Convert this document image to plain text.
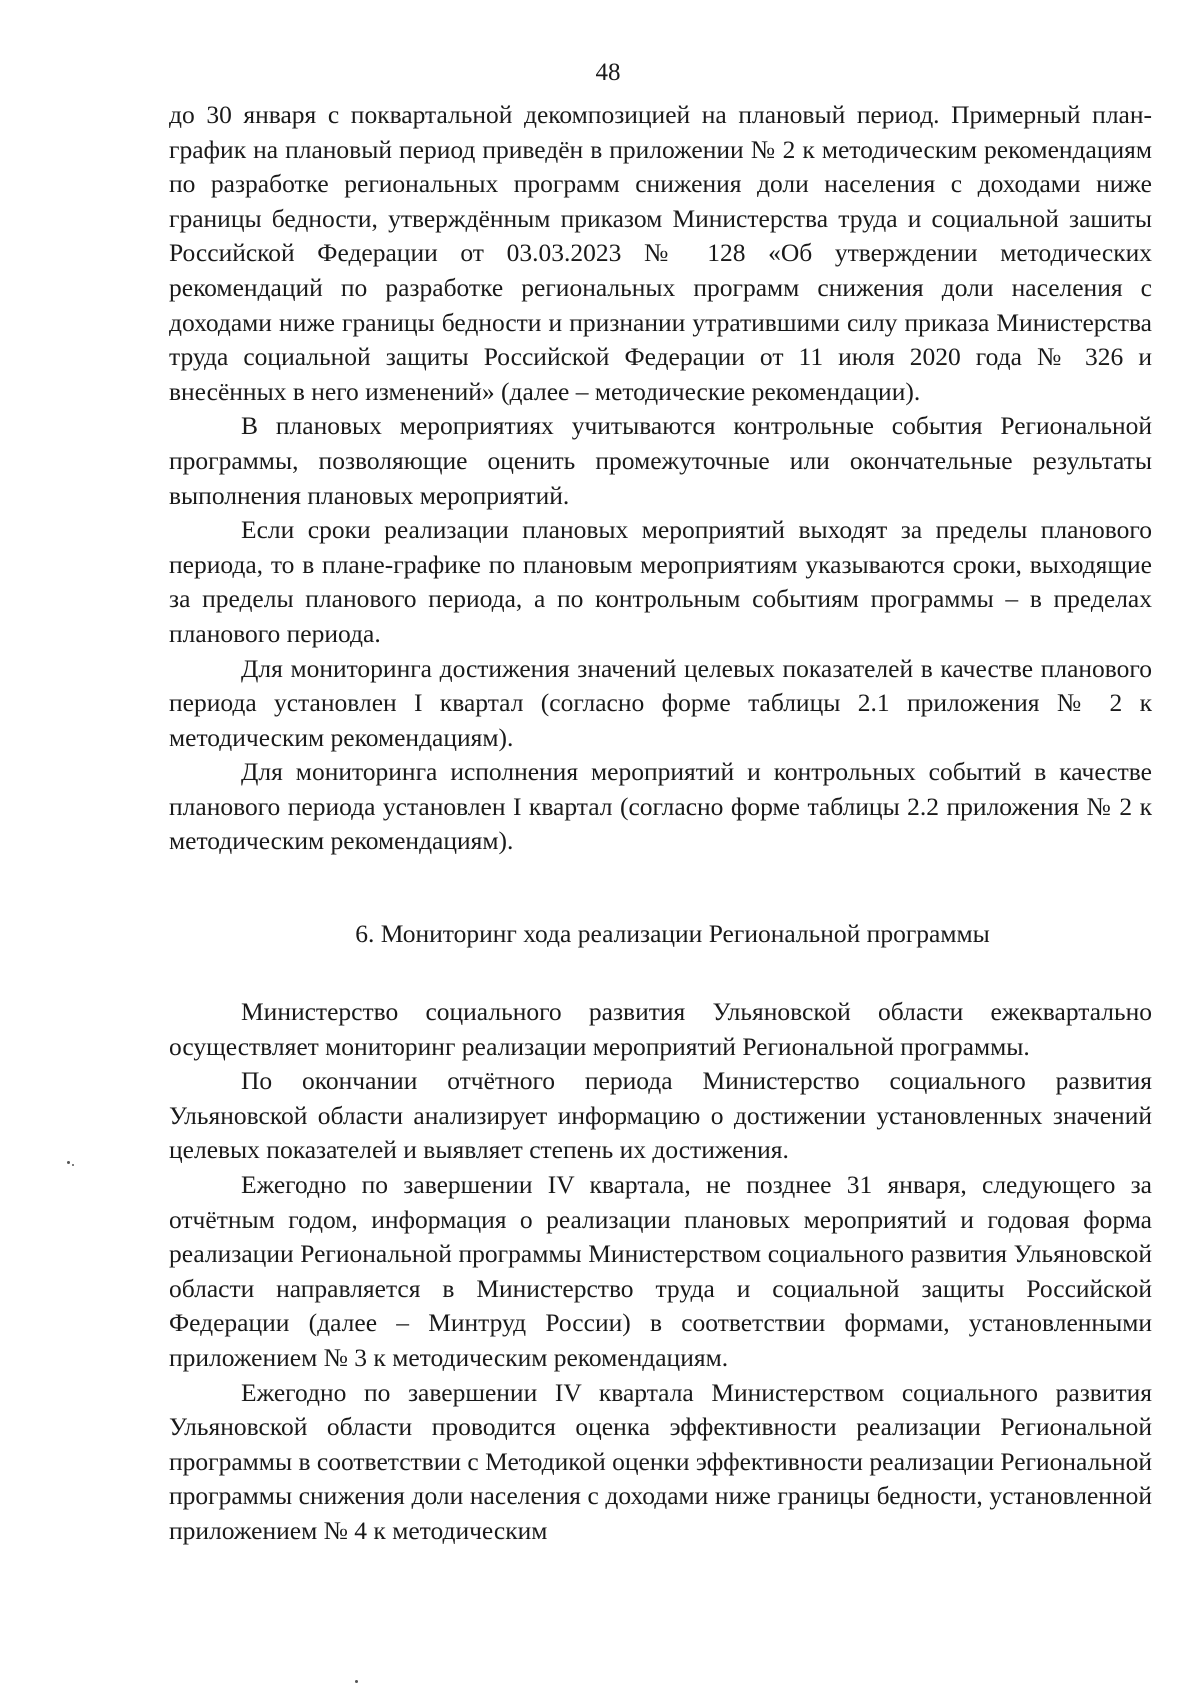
48

до 30 января с поквартальной декомпозицией на плановый период. Примерный план-график на плановый период приведён в приложении № 2 к методическим рекомендациям по разработке региональных программ снижения доли населения с доходами ниже границы бедности, утверждённым приказом Министерства труда и социальной зашиты Российской Федерации от 03.03.2023 № 128 «Об утверждении методических рекомендаций по разработке региональных программ снижения доли населения с доходами ниже границы бедности и признании утратившими силу приказа Министерства труда социальной защиты Российской Федерации от 11 июля 2020 года № 326 и внесённых в него изменений» (далее – методические рекомендации).

В плановых мероприятиях учитываются контрольные события Региональной программы, позволяющие оценить промежуточные или окончательные результаты выполнения плановых мероприятий.

Если сроки реализации плановых мероприятий выходят за пределы планового периода, то в плане-графике по плановым мероприятиям указываются сроки, выходящие за пределы планового периода, а по контрольным событиям программы – в пределах планового периода.

Для мониторинга достижения значений целевых показателей в качестве планового периода установлен I квартал (согласно форме таблицы 2.1 приложения № 2 к методическим рекомендациям).

Для мониторинга исполнения мероприятий и контрольных событий в качестве планового периода установлен I квартал (согласно форме таблицы 2.2 приложения № 2 к методическим рекомендациям).

6. Мониторинг хода реализации Региональной программы

Министерство социального развития Ульяновской области ежеквартально осуществляет мониторинг реализации мероприятий Региональной программы.

По окончании отчётного периода Министерство социального развития Ульяновской области анализирует информацию о достижении установленных значений целевых показателей и выявляет степень их достижения.

Ежегодно по завершении IV квартала, не позднее 31 января, следующего за отчётным годом, информация о реализации плановых мероприятий и годовая форма реализации Региональной программы Министерством социального развития Ульяновской области направляется в Министерство труда и социальной защиты Российской Федерации (далее – Минтруд России) в соответствии формами, установленными приложением № 3 к методическим рекомендациям.

Ежегодно по завершении IV квартала Министерством социального развития Ульяновской области проводится оценка эффективности реализации Региональной программы в соответствии с Методикой оценки эффективности реализации Региональной программы снижения доли населения с доходами ниже границы бедности, установленной приложением № 4 к методическим
